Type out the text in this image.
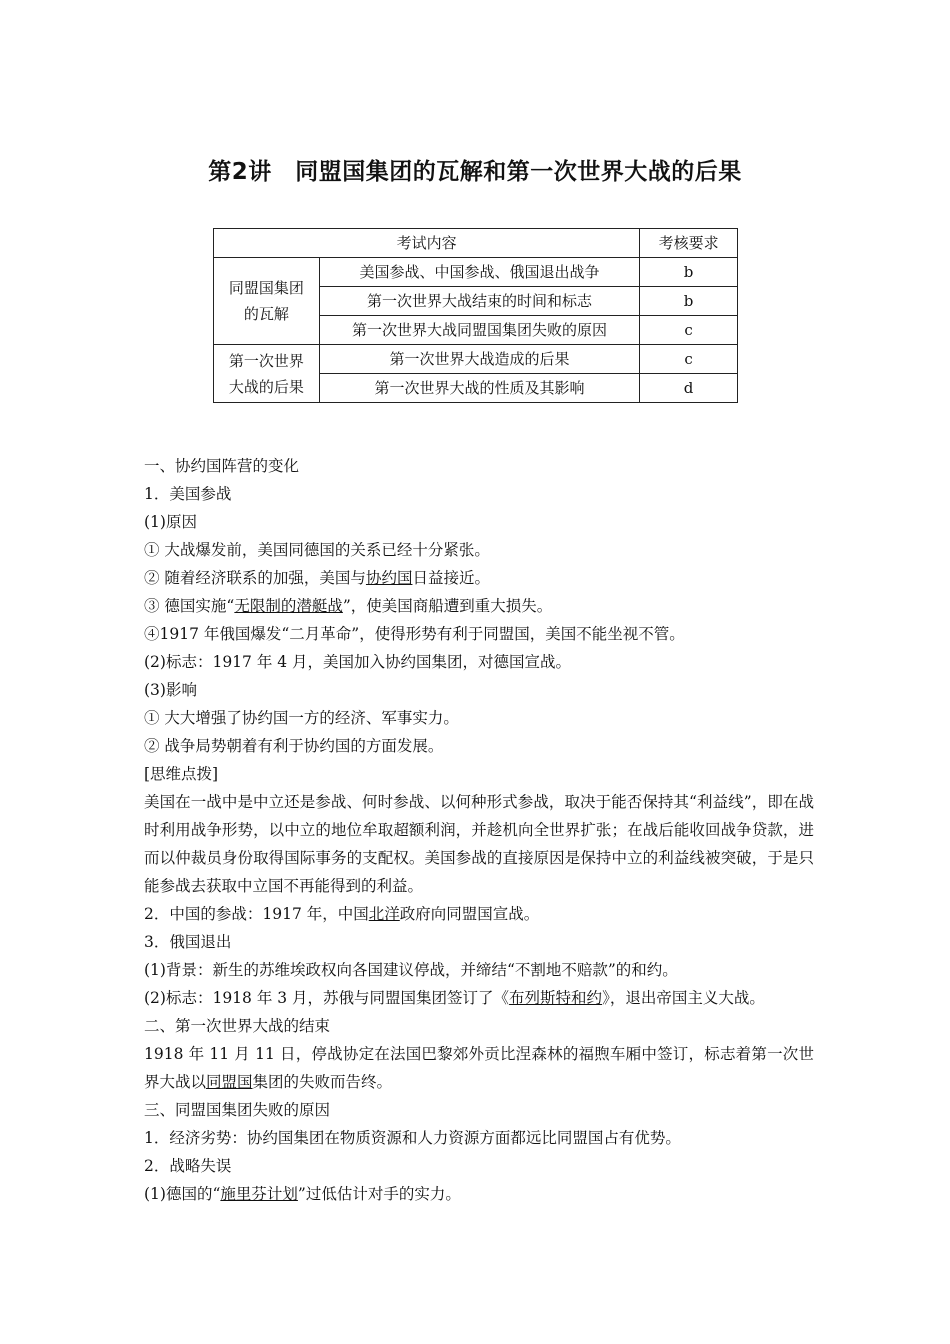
第2讲　同盟国集团的瓦解和第一次世界大战的后果
考试内容		考核要求

同盟国集团
的瓦解	美国参战、中国参战、俄国退出战争	b
	第一次世界大战结束的时间和标志	b
	第一次世界大战同盟国集团失败的原因	c

第一次世界
大战的后果	第一次世界大战造成的后果	c
	第一次世界大战的性质及其影响	d
一、协约国阵营的变化
1．美国参战
(1)原因
① 大战爆发前，美国同德国的关系已经十分紧张。
② 随着经济联系的加强，美国与协约国日益接近。
③ 德国实施“无限制的潜艇战”，使美国商船遭到重大损失。
④1917 年俄国爆发“二月革命”，使得形势有利于同盟国，美国不能坐视不管。
(2)标志：1917 年 4 月，美国加入协约国集团，对德国宣战。
(3)影响
① 大大增强了协约国一方的经济、军事实力。
② 战争局势朝着有利于协约国的方面发展。
[思维点拨]
美国在一战中是中立还是参战、何时参战、以何种形式参战，取决于能否保持其“利益线”，即在战时利用战争形势，以中立的地位牟取超额利润，并趁机向全世界扩张；在战后能收回战争贷款，进而以仲裁员身份取得国际事务的支配权。美国参战的直接原因是保持中立的利益线被突破，于是只能参战去获取中立国不再能得到的利益。
2．中国的参战：1917 年，中国北洋政府向同盟国宣战。
3．俄国退出
(1)背景：新生的苏维埃政权向各国建议停战，并缔结“不割地不赔款”的和约。
(2)标志：1918 年 3 月，苏俄与同盟国集团签订了《布列斯特和约》，退出帝国主义大战。
二、第一次世界大战的结束
1918 年 11 月 11 日，停战协定在法国巴黎郊外贡比涅森林的福煦车厢中签订，标志着第一次世界大战以同盟国集团的失败而告终。
三、同盟国集团失败的原因
1．经济劣势：协约国集团在物质资源和人力资源方面都远比同盟国占有优势。
2．战略失误
(1)德国的“施里芬计划”过低估计对手的实力。
